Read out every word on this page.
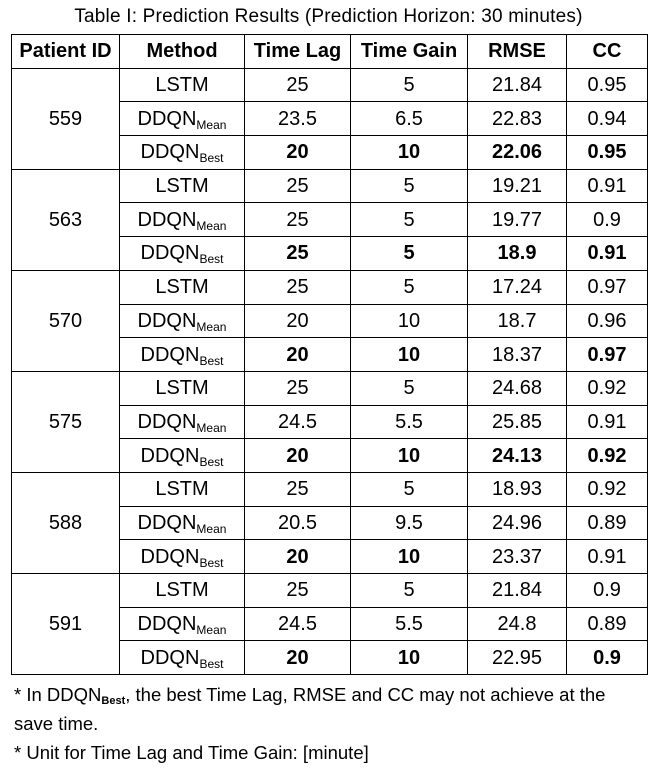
Table I: Prediction Results (Prediction Horizon: 30 minutes)
Patient ID	Method	Time Lag	Time Gain	RMSE	CC
559	LSTM	25	5	21.84	0.95
	$DDQN_{Mean}$	23.5	6.5	22.83	0.94
	$DDQN_{Best}$	20	10	22.06	0.95
563	LSTM	25	5	19.21	0.91
	$DDQN_{Mean}$	25	5	19.77	0.9
	$DDQN_{Best}$	25	5	18.9	0.91
570	LSTM	25	5	17.24	0.97
	$DDQN_{Mean}$	20	10	18.7	0.96
	$DDQN_{Best}$	20	10	18.37	0.97
575	LSTM	25	5	24.68	0.92
	$DDQN_{Mean}$	24.5	5.5	25.85	0.91
	$DDQN_{Best}$	20	10	24.13	0.92
588	LSTM	25	5	18.93	0.92
	$DDQN_{Mean}$	20.5	9.5	24.96	0.89
	$DDQN_{Best}$	20	10	23.37	0.91
591	LSTM	25	5	21.84	0.9
	$DDQN_{Mean}$	24.5	5.5	24.8	0.89
	$DDQN_{Best}$	20	10	22.95	0.9
* In $DDQN_{Best}$, the best Time Lag, RMSE and CC may not achieve at the save time.
* Unit for Time Lag and Time Gain: [minute]
